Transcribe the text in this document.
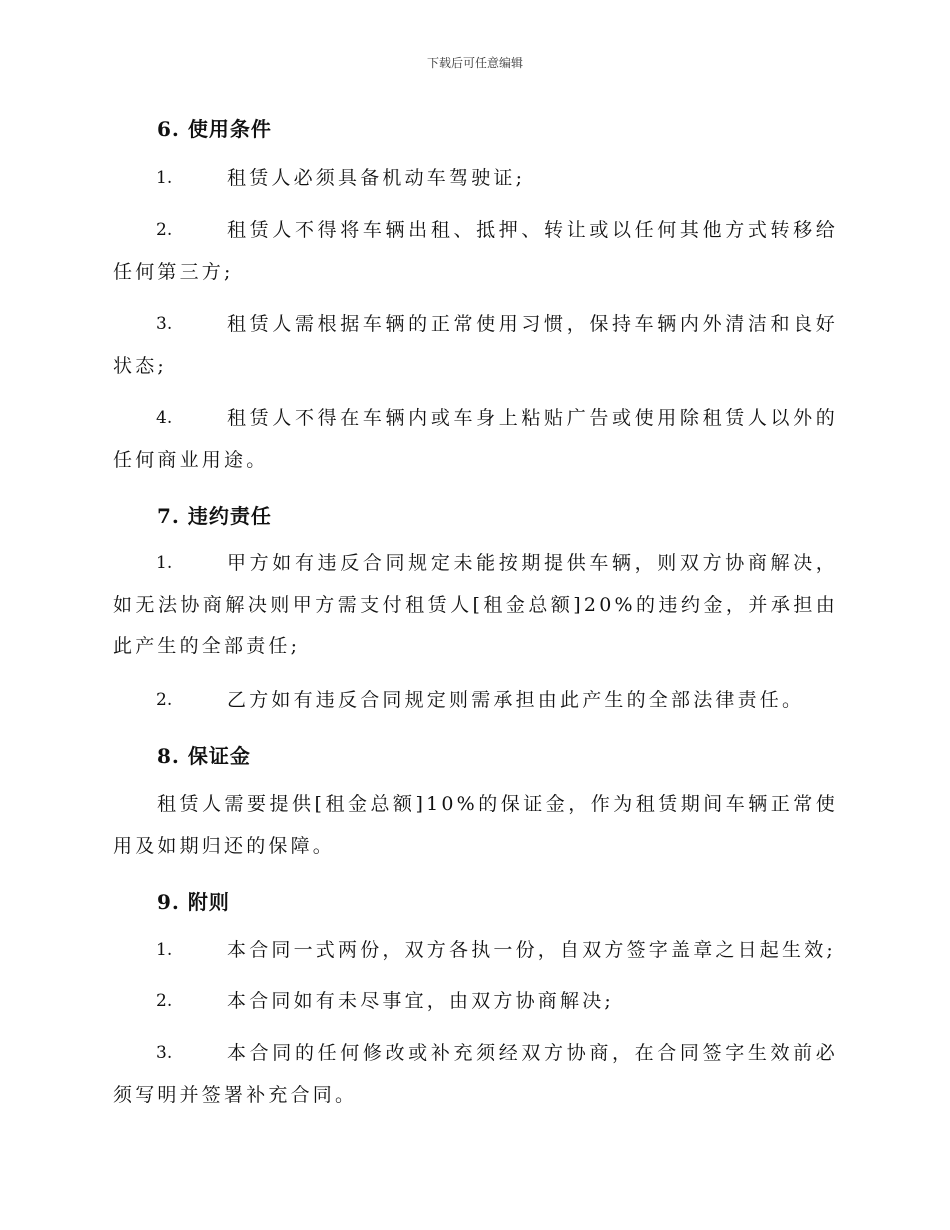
下载后可任意编辑
6. 使用条件
1.	租赁人必须具备机动车驾驶证;
2.	租赁人不得将车辆出租、抵押、转让或以任何其他方式转移给任何第三方;
3.	租赁人需根据车辆的正常使用习惯，保持车辆内外清洁和良好状态;
4.	租赁人不得在车辆内或车身上粘贴广告或使用除租赁人以外的任何商业用途。
7. 违约责任
1.	甲方如有违反合同规定未能按期提供车辆，则双方协商解决，如无法协商解决则甲方需支付租赁人[租金总额]20%的违约金，并承担由此产生的全部责任;
2.	乙方如有违反合同规定则需承担由此产生的全部法律责任。
8. 保证金
租赁人需要提供[租金总额]10%的保证金，作为租赁期间车辆正常使用及如期归还的保障。
9. 附则
1.	本合同一式两份，双方各执一份，自双方签字盖章之日起生效;
2.	本合同如有未尽事宜，由双方协商解决;
3.	本合同的任何修改或补充须经双方协商，在合同签字生效前必须写明并签署补充合同。
